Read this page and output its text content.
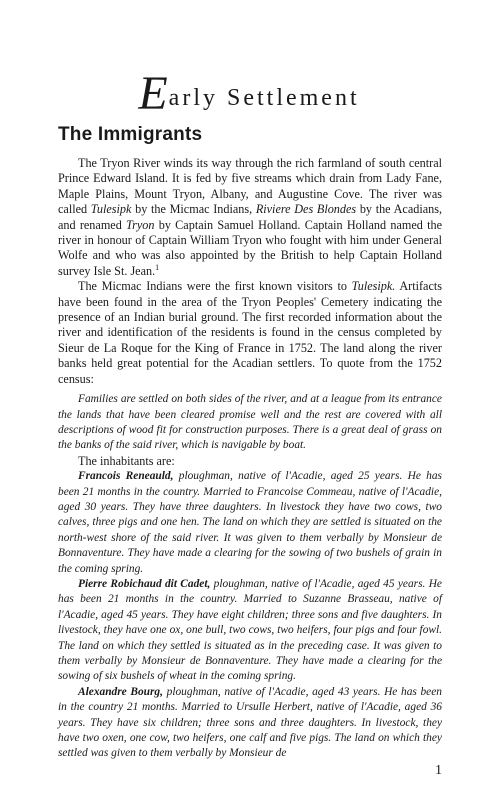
Early Settlement
The Immigrants

The Tryon River winds its way through the rich farmland of south central Prince Edward Island. It is fed by five streams which drain from Lady Fane, Maple Plains, Mount Tryon, Albany, and Augustine Cove. The river was called Tulesipk by the Micmac Indians, Riviere Des Blondes by the Acadians, and renamed Tryon by Captain Samuel Holland. Captain Holland named the river in honour of Captain William Tryon who fought with him under General Wolfe and who was also appointed by the British to help Captain Holland survey Isle St. Jean.$^1$

The Micmac Indians were the first known visitors to Tulesipk. Artifacts have been found in the area of the Tryon Peoples' Cemetery indicating the presence of an Indian burial ground. The first recorded information about the river and identification of the residents is found in the census completed by Sieur de La Roque for the King of France in 1752. The land along the river banks held great potential for the Acadian settlers. To quote from the 1752 census:

Families are settled on both sides of the river, and at a league from its entrance the lands that have been cleared promise well and the rest are covered with all descriptions of wood fit for construction purposes. There is a great deal of grass on the banks of the said river, which is navigable by boat.

The inhabitants are:

Francois Reneauld, ploughman, native of l'Acadie, aged 25 years. He has been 21 months in the country. Married to Francoise Commeau, native of l'Acadie, aged 30 years. They have three daughters. In livestock they have two cows, two calves, three pigs and one hen. The land on which they are settled is situated on the north-west shore of the said river. It was given to them verbally by Monsieur de Bonnaventure. They have made a clearing for the sowing of two bushels of grain in the coming spring.

Pierre Robichaud dit Cadet, ploughman, native of l'Acadie, aged 45 years. He has been 21 months in the country. Married to Suzanne Brasseau, native of l'Acadie, aged 45 years. They have eight children; three sons and five daughters. In livestock, they have one ox, one bull, two cows, two heifers, four pigs and four fowl. The land on which they settled is situated as in the preceding case. It was given to them verbally by Monsieur de Bonnaventure. They have made a clearing for the sowing of six bushels of wheat in the coming spring.

Alexandre Bourg, ploughman, native of l'Acadie, aged 43 years. He has been in the country 21 months. Married to Ursulle Herbert, native of l'Acadie, aged 36 years. They have six children; three sons and three daughters. In livestock, they have two oxen, one cow, two heifers, one calf and five pigs. The land on which they settled was given to them verbally by Monsieur de

1
